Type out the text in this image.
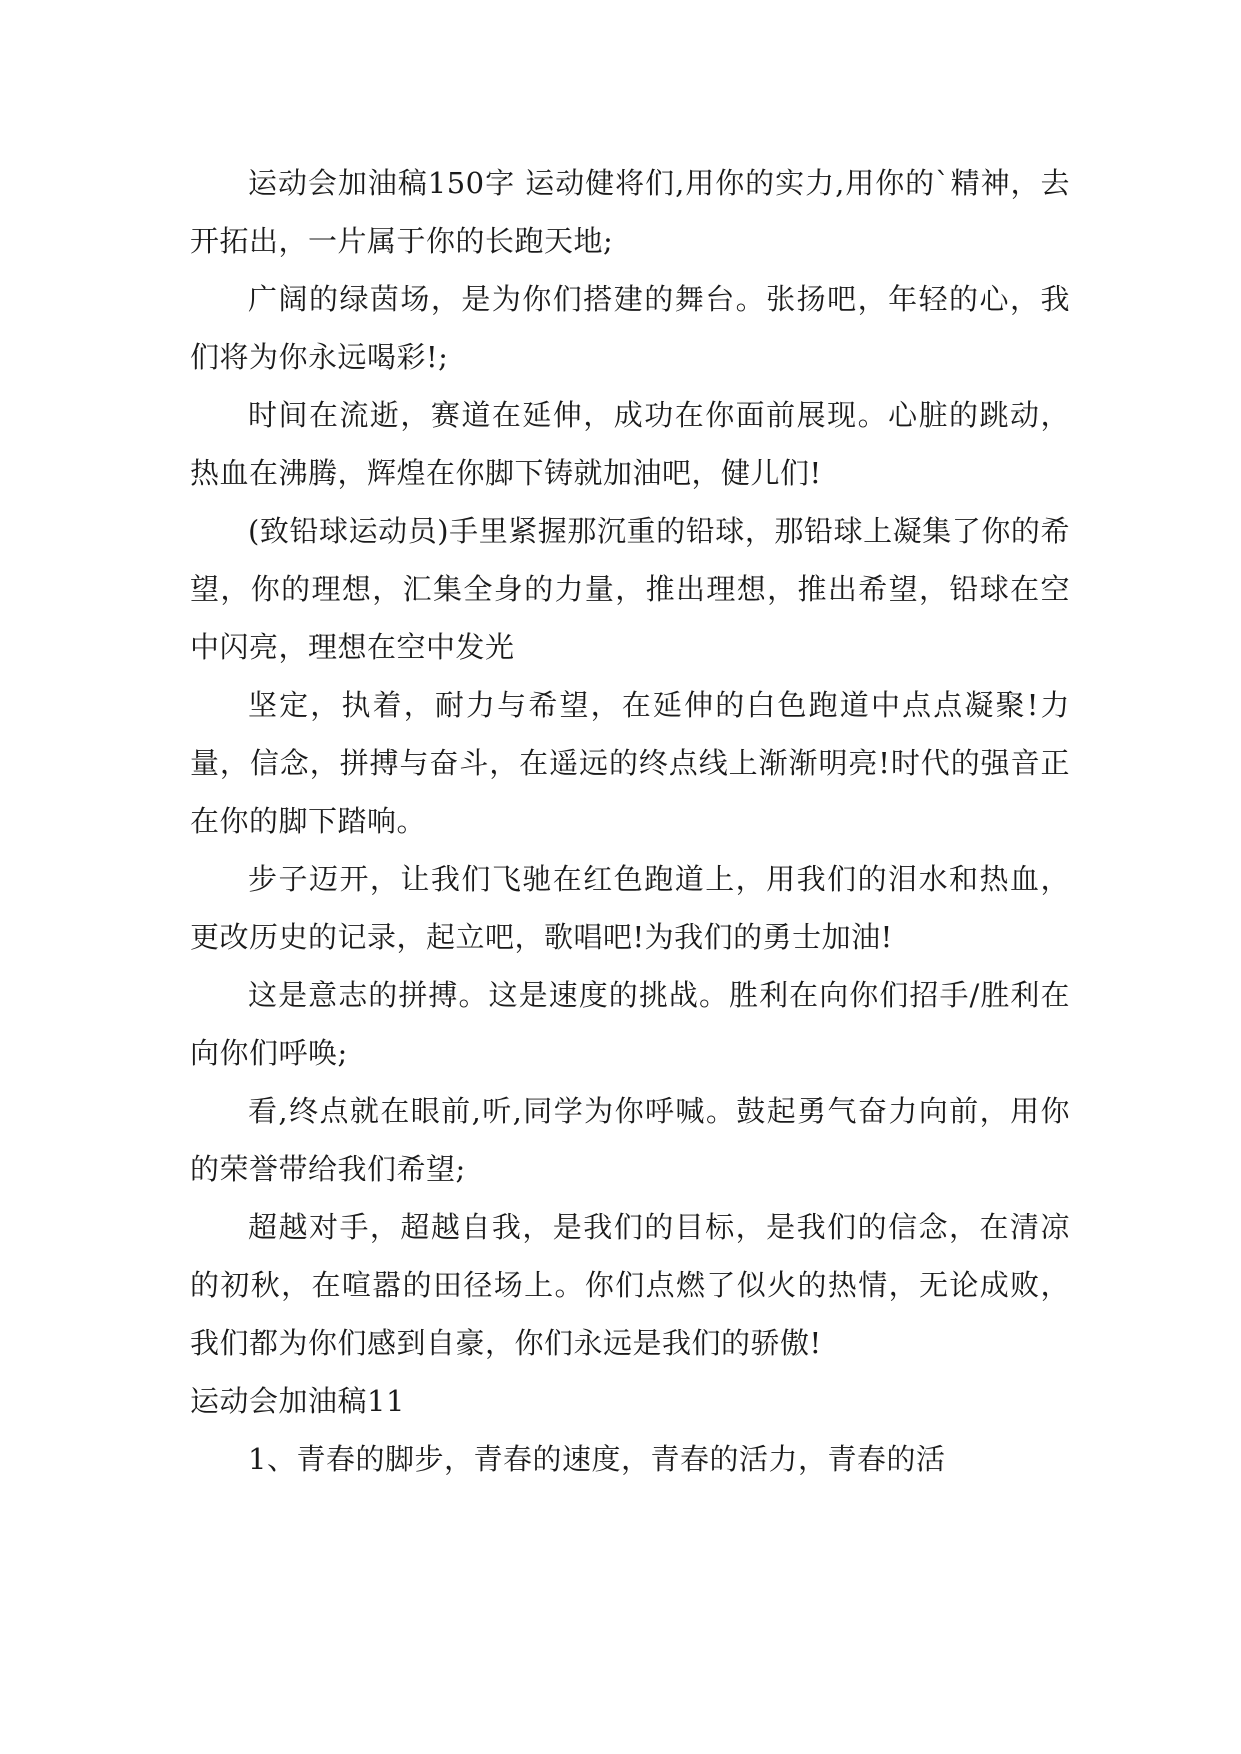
运动会加油稿150字 运动健将们,用你的实力,用你的`精神，去开拓出，一片属于你的长跑天地;

广阔的绿茵场，是为你们搭建的舞台。张扬吧，年轻的心，我们将为你永远喝彩!;

时间在流逝，赛道在延伸，成功在你面前展现。心脏的跳动，热血在沸腾，辉煌在你脚下铸就加油吧，健儿们!

(致铅球运动员)手里紧握那沉重的铅球，那铅球上凝集了你的希望，你的理想，汇集全身的力量，推出理想，推出希望，铅球在空中闪亮，理想在空中发光

坚定，执着，耐力与希望，在延伸的白色跑道中点点凝聚!力量，信念，拼搏与奋斗，在遥远的终点线上渐渐明亮!时代的强音正在你的脚下踏响。

步子迈开，让我们飞驰在红色跑道上，用我们的泪水和热血，更改历史的记录，起立吧，歌唱吧!为我们的勇士加油!

这是意志的拼搏。这是速度的挑战。胜利在向你们招手/胜利在向你们呼唤;

看,终点就在眼前,听,同学为你呼喊。鼓起勇气奋力向前，用你的荣誉带给我们希望;

超越对手，超越自我，是我们的目标，是我们的信念，在清凉的初秋，在喧嚣的田径场上。你们点燃了似火的热情，无论成败，我们都为你们感到自豪，你们永远是我们的骄傲!

运动会加油稿11

1、青春的脚步，青春的速度，青春的活力，青春的活
